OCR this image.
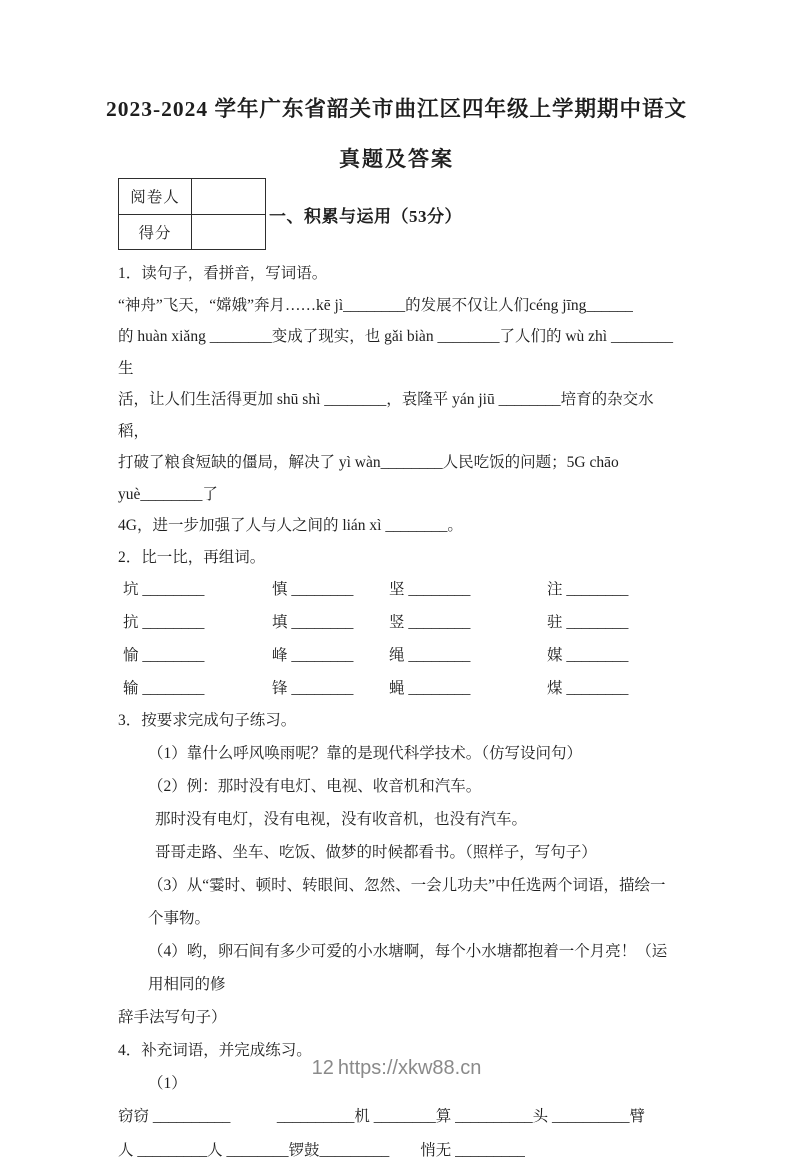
2023-2024 学年广东省韶关市曲江区四年级上学期期中语文
真题及答案
阅卷人	
得分	
一、积累与运用（53分）

1．读句子，看拼音，写词语。

“神舟”飞天，“嫦娥”奔月……kē jì________的发展不仅让人们céng jīng______

的 huàn xiǎng ________变成了现实，也 gǎi biàn ________了人们的 wù zhì ________生

活，让人们生活得更加 shū shì ________，袁隆平 yán jiū ________培育的杂交水稻，

打破了粮食短缺的僵局，解决了 yì wàn________人民吃饭的问题；5G chāo yuè________了

4G，进一步加强了人与人之间的 lián xì ________。

2．比一比，再组词。

坑 ________	慎 ________	坚 ________	注 ________
抗 ________	填 ________	竖 ________	驻 ________
愉 ________	峰 ________	绳 ________	媒 ________
输 ________	锋 ________	蝇 ________	煤 ________

3．按要求完成句子练习。

（1）靠什么呼风唤雨呢？靠的是现代科学技术。（仿写设问句）

（2）例：那时没有电灯、电视、收音机和汽车。

那时没有电灯，没有电视，没有收音机，也没有汽车。

哥哥走路、坐车、吃饭、做梦的时候都看书。（照样子，写句子）

（3）从“霎时、顿时、转眼间、忽然、一会儿功夫”中任选两个词语，描绘一个事物。

（4）哟，卵石间有多少可爱的小水塘啊，每个小水塘都抱着一个月亮！（运用相同的修

辞手法写句子）

4．补充词语，并完成练习。

（1）

窃窃 __________　　　__________机 ________算 __________头 __________臂

人 _________人 ________锣鼓_________　　悄无 _________

12 https://xkw88.cn
